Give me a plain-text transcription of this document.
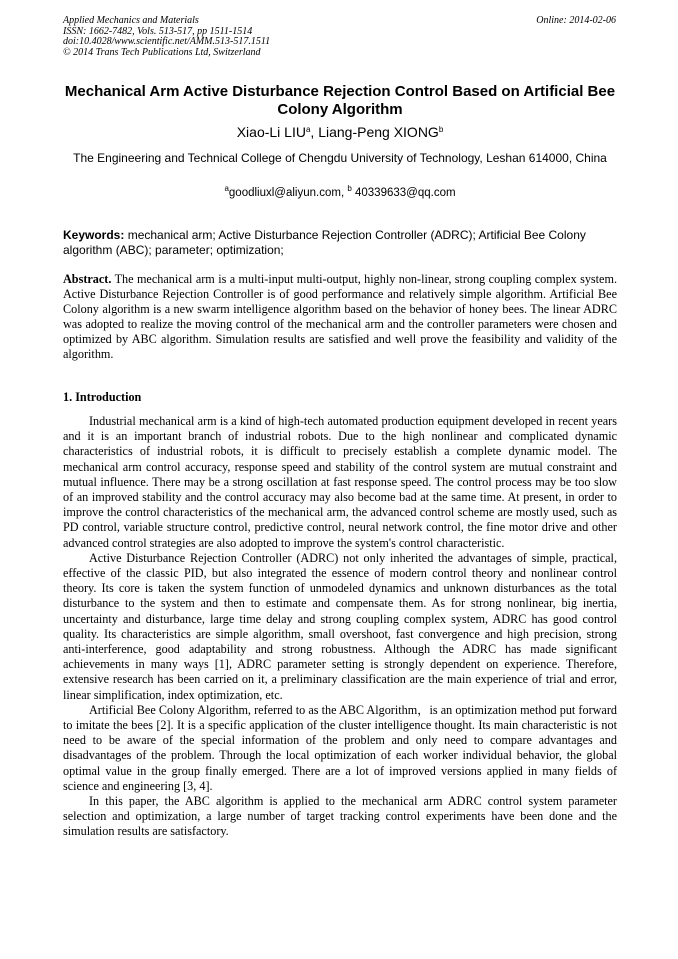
Applied Mechanics and Materials
ISSN: 1662-7482, Vols. 513-517, pp 1511-1514
doi:10.4028/www.scientific.net/AMM.513-517.1511
© 2014 Trans Tech Publications Ltd, Switzerland
Online: 2014-02-06
Mechanical Arm Active Disturbance Rejection Control Based on Artificial Bee Colony Algorithm
Xiao-Li LIU$^a$, Liang-Peng XIONG$^b$
The Engineering and Technical College of Chengdu University of Technology, Leshan 614000, China
$^a$goodliuxl@aliyun.com, $^b$ 40339633@qq.com
Keywords: mechanical arm; Active Disturbance Rejection Controller (ADRC); Artificial Bee Colony algorithm (ABC); parameter; optimization;
Abstract. The mechanical arm is a multi-input multi-output, highly non-linear, strong coupling complex system. Active Disturbance Rejection Controller is of good performance and relatively simple algorithm. Artificial Bee Colony algorithm is a new swarm intelligence algorithm based on the behavior of honey bees. The linear ADRC was adopted to realize the moving control of the mechanical arm and the controller parameters were chosen and optimized by ABC algorithm. Simulation results are satisfied and well prove the feasibility and validity of the algorithm.
1. Introduction

Industrial mechanical arm is a kind of high-tech automated production equipment developed in recent years and it is an important branch of industrial robots. Due to the high nonlinear and complicated dynamic characteristics of industrial robots, it is difficult to precisely establish a complete dynamic model. The mechanical arm control accuracy, response speed and stability of the control system are mutual constraint and mutual influence. There may be a strong oscillation at fast response speed. The control process may be too slow of an improved stability and the control accuracy may also become bad at the same time. At present, in order to improve the control characteristics of the mechanical arm, the advanced control scheme are mostly used, such as PD control, variable structure control, predictive control, neural network control, the fine motor drive and other advanced control strategies are also adopted to improve the system's control characteristic.

Active Disturbance Rejection Controller (ADRC) not only inherited the advantages of simple, practical, effective of the classic PID, but also integrated the essence of modern control theory and nonlinear control theory. Its core is taken the system function of unmodeled dynamics and unknown disturbances as the total disturbance to the system and then to estimate and compensate them. As for strong nonlinear, big inertia, uncertainty and disturbance, large time delay and strong coupling complex system, ADRC has good control quality. Its characteristics are simple algorithm, small overshoot, fast convergence and high precision, strong anti-interference, good adaptability and strong robustness. Although the ADRC has made significant achievements in many ways [1], ADRC parameter setting is strongly dependent on experience. Therefore, extensive research has been carried on it, a preliminary classification are the main experience of trial and error, linear simplification, index optimization, etc.

Artificial Bee Colony Algorithm, referred to as the ABC Algorithm，is an optimization method put forward to imitate the bees [2]. It is a specific application of the cluster intelligence thought. Its main characteristic is not need to be aware of the special information of the problem and only need to compare advantages and disadvantages of the problem. Through the local optimization of each worker individual behavior, the global optimal value in the group finally emerged. There are a lot of improved versions applied in many fields of science and engineering [3, 4].

In this paper, the ABC algorithm is applied to the mechanical arm ADRC control system parameter selection and optimization, a large number of target tracking control experiments have been done and the simulation results are satisfactory.
